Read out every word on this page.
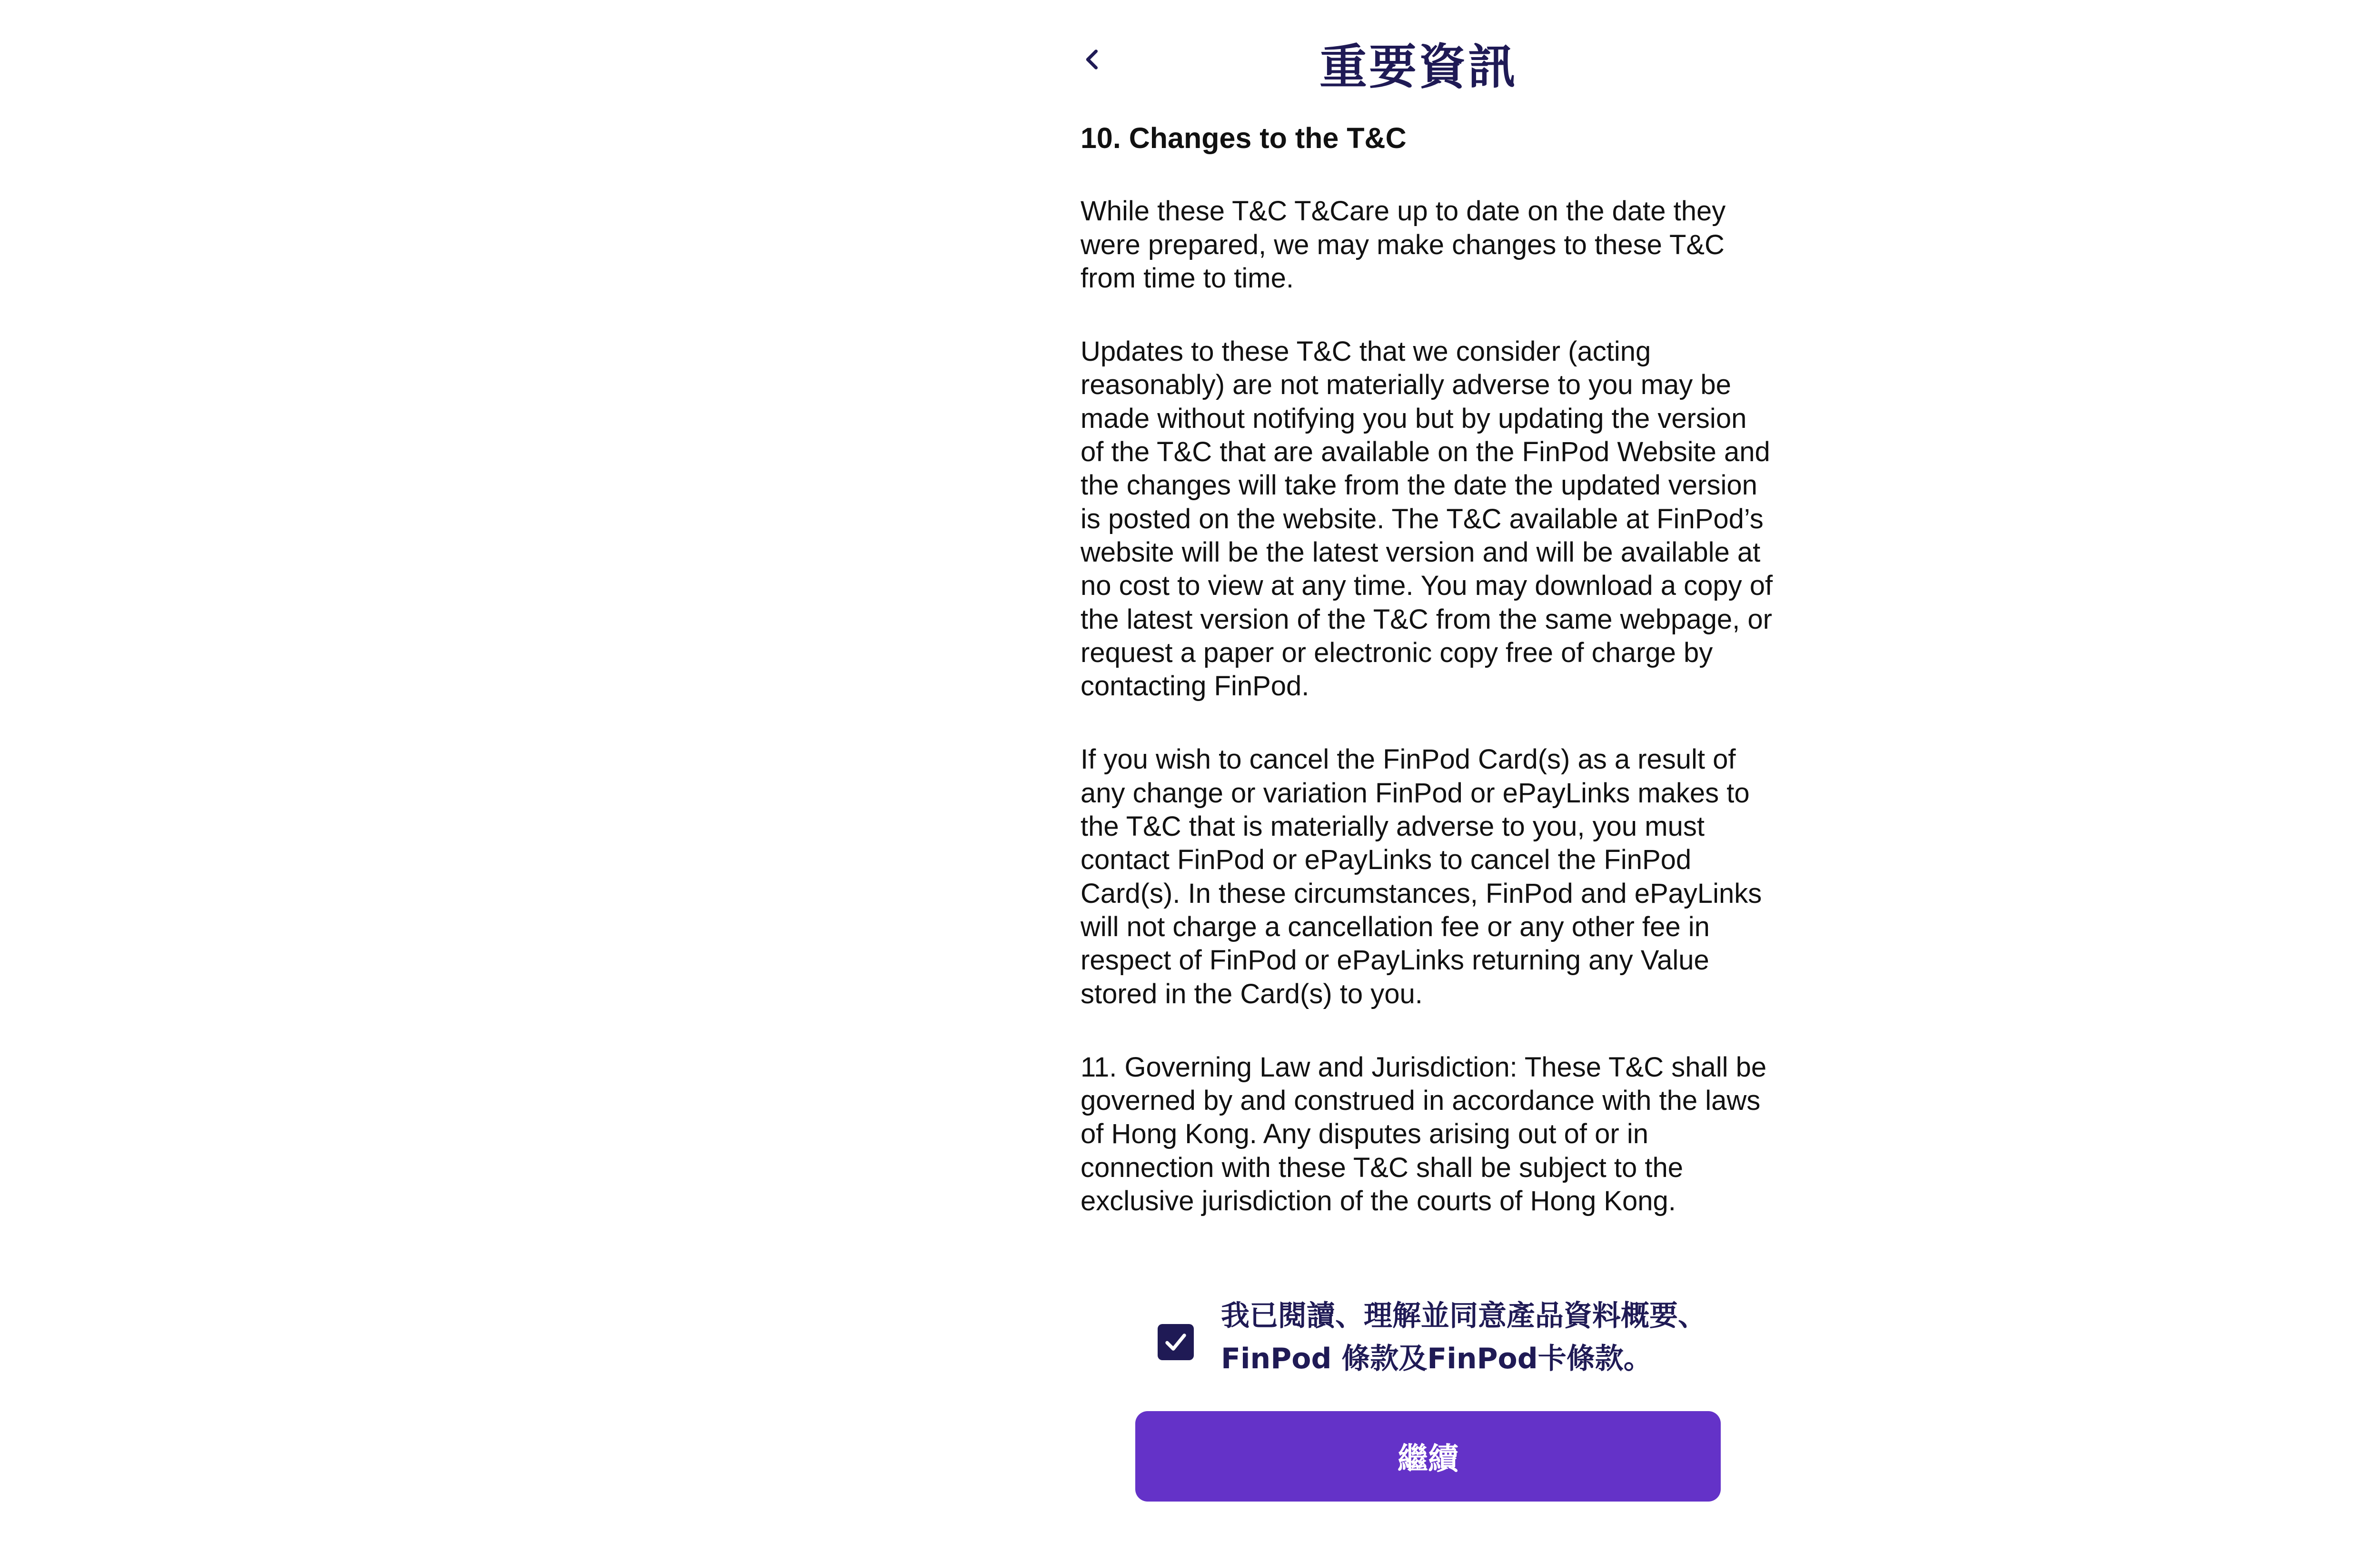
重要資訊
10. Changes to the T&C
While these T&C T&Care up to date on the date they were prepared, we may make changes to these T&C from time to time.
Updates to these T&C that we consider (acting reasonably) are not materially adverse to you may be made without notifying you but by updating the version of the T&C that are available on the FinPod Website and the changes will take from the date the updated version is posted on the website. The T&C available at FinPod’s website will be the latest version and will be available at no cost to view at any time. You may download a copy of the latest version of the T&C from the same webpage, or request a paper or electronic copy free of charge by contacting FinPod.
If you wish to cancel the FinPod Card(s) as a result of any change or variation FinPod or ePayLinks makes to the T&C that is materially adverse to you, you must contact FinPod or ePayLinks to cancel the FinPod Card(s). In these circumstances, FinPod and ePayLinks will not charge a cancellation fee or any other fee in respect of FinPod or ePayLinks returning any Value stored in the Card(s) to you.
11. Governing Law and Jurisdiction: These T&C shall be governed by and construed in accordance with the laws of Hong Kong. Any disputes arising out of or in connection with these T&C shall be subject to the exclusive jurisdiction of the courts of Hong Kong.
我已閱讀、理解並同意產品資料概要、
FinPod 條款及FinPod卡條款。
繼續
